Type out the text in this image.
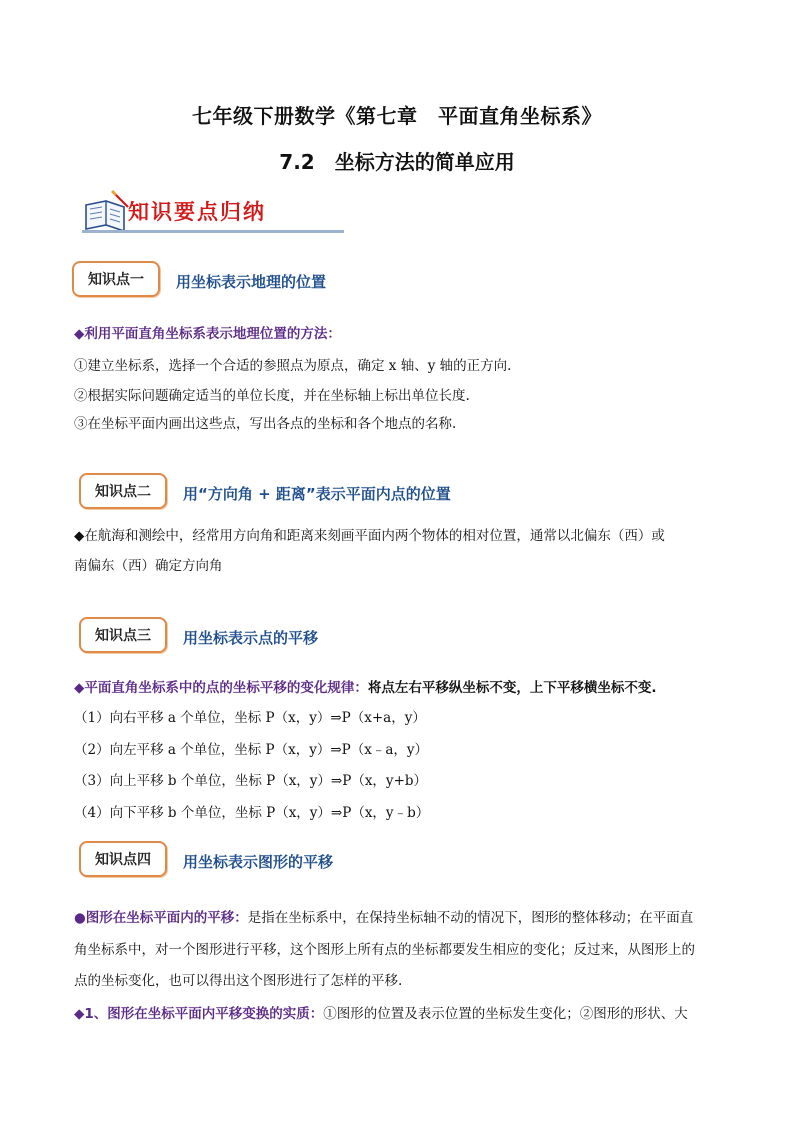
七年级下册数学《第七章　平面直角坐标系》
7.2　坐标方法的简单应用
知识要点归纳
知识点一	用坐标表示地理的位置
◆利用平面直角坐标系表示地理位置的方法：
①建立坐标系，选择一个合适的参照点为原点，确定 x 轴、y 轴的正方向.
②根据实际问题确定适当的单位长度，并在坐标轴上标出单位长度.
③在坐标平面内画出这些点，写出各点的坐标和各个地点的名称.
知识点二	用“方向角 + 距离”表示平面内点的位置
◆在航海和测绘中，经常用方向角和距离来刻画平面内两个物体的相对位置，通常以北偏东（西）或
南偏东（西）确定方向角
知识点三	用坐标表示点的平移
◆平面直角坐标系中的点的坐标平移的变化规律：将点左右平移纵坐标不变，上下平移横坐标不变.
（1）向右平移 a 个单位，坐标 P（x，y）⇒P（x+a，y）
（2）向左平移 a 个单位，坐标 P（x，y）⇒P（x﹣a，y）
（3）向上平移 b 个单位，坐标 P（x，y）⇒P（x，y+b）
（4）向下平移 b 个单位，坐标 P（x，y）⇒P（x，y﹣b）
知识点四	用坐标表示图形的平移
●图形在坐标平面内的平移：是指在坐标系中，在保持坐标轴不动的情况下，图形的整体移动；在平面直
角坐标系中，对一个图形进行平移，这个图形上所有点的坐标都要发生相应的变化；反过来，从图形上的
点的坐标变化，也可以得出这个图形进行了怎样的平移.
◆1、图形在坐标平面内平移变换的实质：①图形的位置及表示位置的坐标发生变化；②图形的形状、大
